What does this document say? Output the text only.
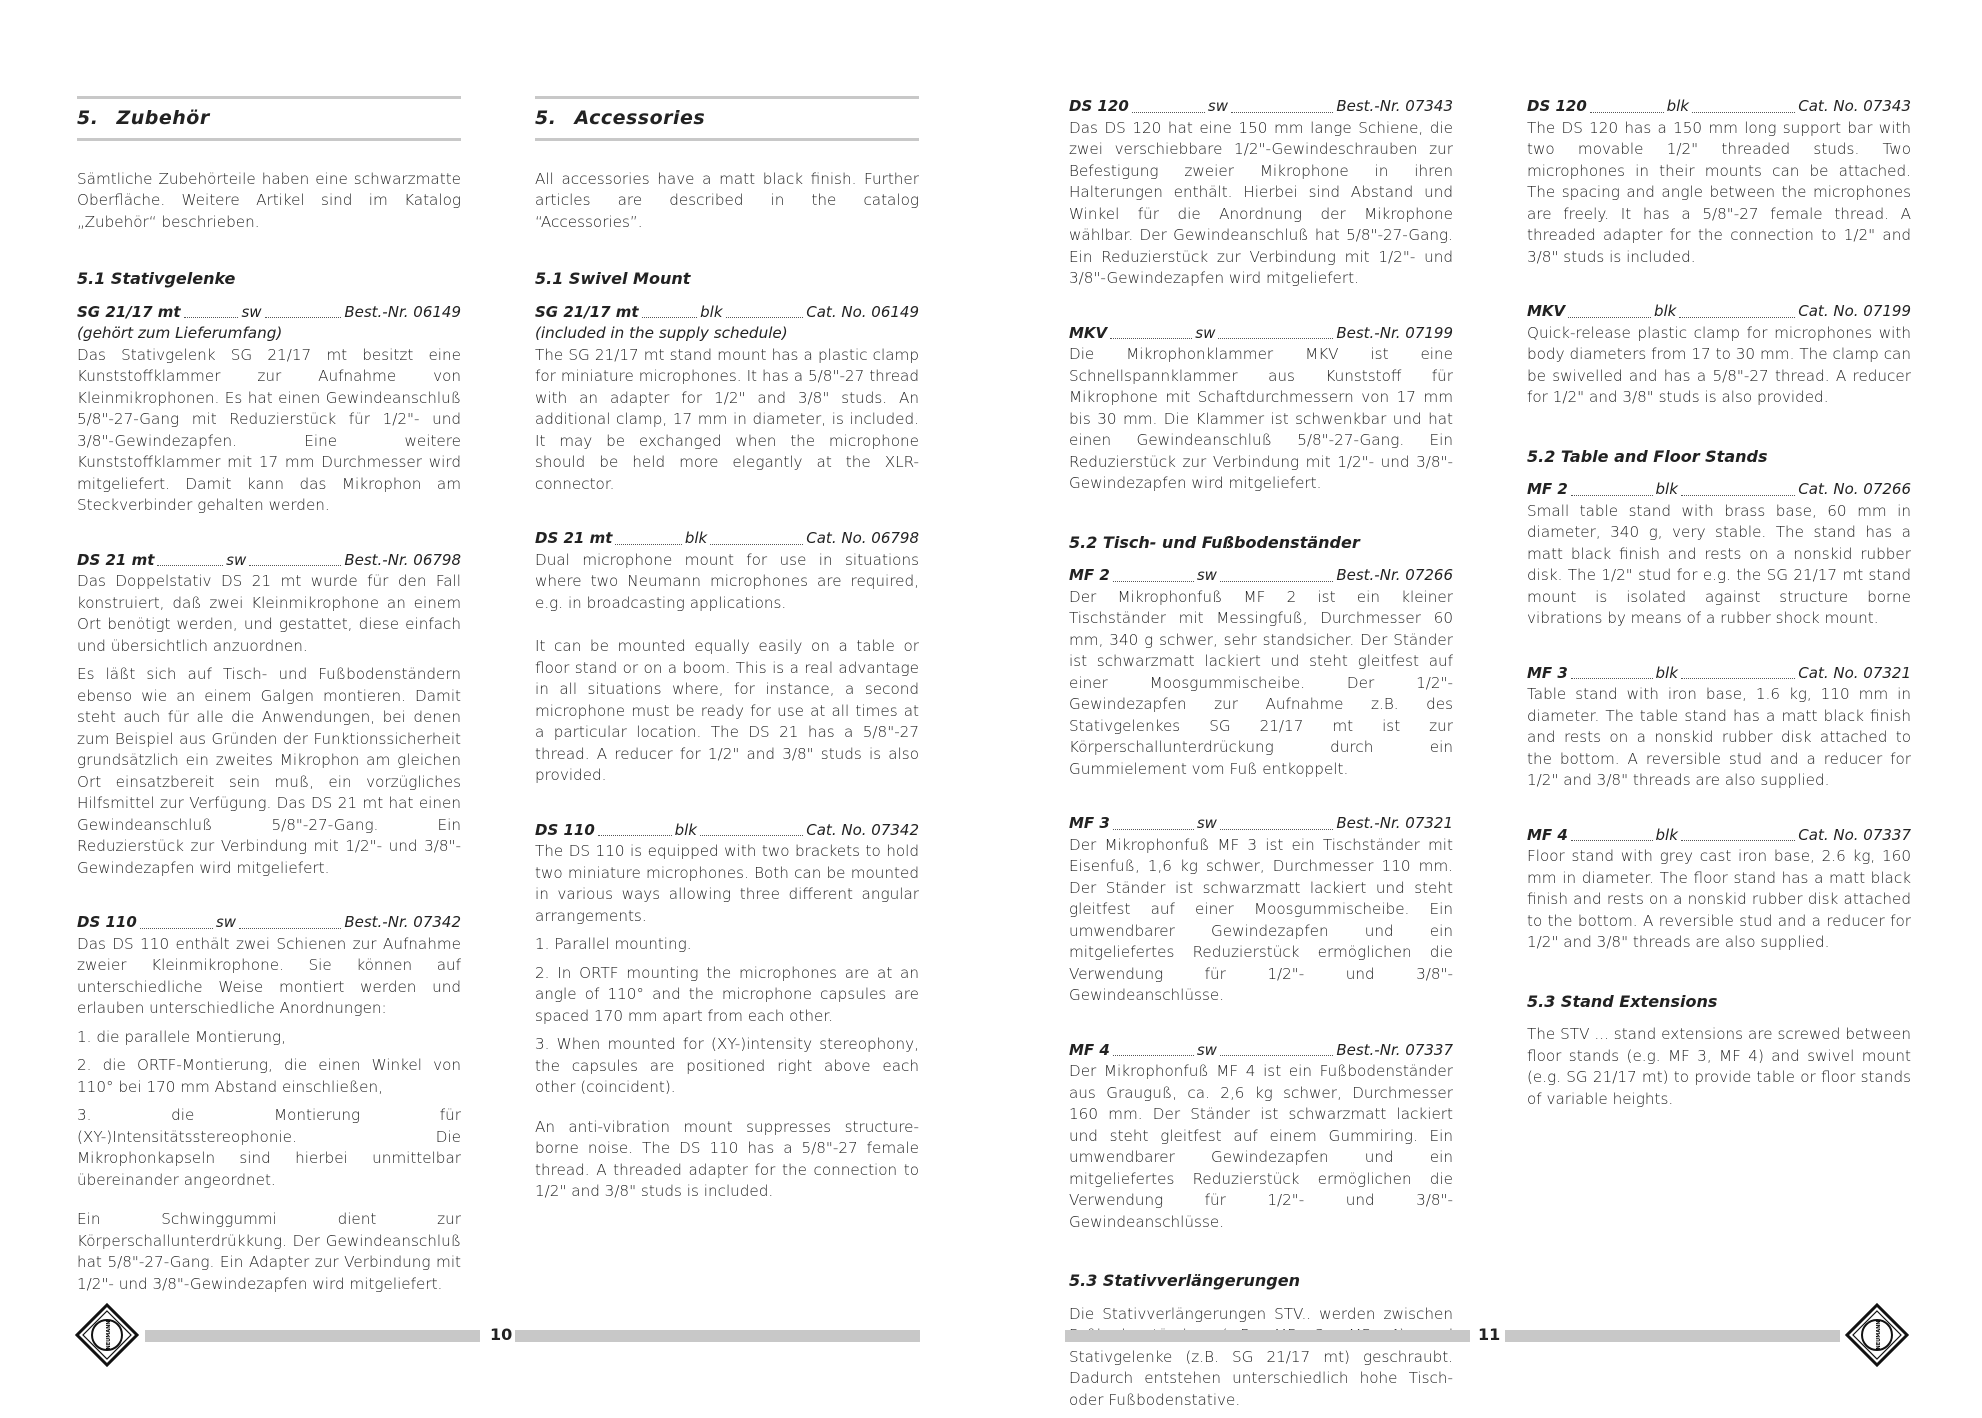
5. Zubehör

Sämtliche Zubehörteile haben eine schwarzmatte Oberfläche. Weitere Artikel sind im Katalog „Zubehör“ beschrieben.

5.1 Stativgelenke
SG 21/17 mt	sw	Best.-Nr. 06149
(gehört zum Lieferumfang)

Das Stativgelenk SG 21/17 mt besitzt eine Kunststoffklammer zur Aufnahme von Kleinmikrophonen. Es hat einen Gewindeanschluß 5/8"-27-Gang mit Reduzierstück für 1/2"- und 3/8"-Gewindezapfen. Eine weitere Kunststoffklammer mit 17 mm Durchmesser wird mitgeliefert. Damit kann das Mikrophon am Steckverbinder gehalten werden.

DS 21 mt	sw	Best.-Nr. 06798

Das Doppelstativ DS 21 mt wurde für den Fall konstruiert, daß zwei Kleinmikrophone an einem Ort benötigt werden, und gestattet, diese einfach und übersichtlich anzuordnen.

Es läßt sich auf Tisch- und Fußbodenständern ebenso wie an einem Galgen montieren. Damit steht auch für alle die Anwendungen, bei denen zum Beispiel aus Gründen der Funktionssicherheit grundsätzlich ein zweites Mikrophon am gleichen Ort einsatzbereit sein muß, ein vorzügliches Hilfsmittel zur Verfügung. Das DS 21 mt hat einen Gewindeanschluß 5/8"-27-Gang. Ein Reduzierstück zur Verbindung mit 1/2"- und 3/8"-Gewindezapfen wird mitgeliefert.

DS 110	sw	Best.-Nr. 07342

Das DS 110 enthält zwei Schienen zur Aufnahme zweier Kleinmikrophone. Sie können auf unterschiedliche Weise montiert werden und erlauben unterschiedliche Anordnungen:

1. die parallele Montierung,

2. die ORTF-Montierung, die einen Winkel von 110° bei 170 mm Abstand einschließen,

3. die Montierung für (XY-)Intensitätsstereophonie. Die Mikrophonkapseln sind hierbei unmittelbar übereinander angeordnet.

Ein Schwinggummi dient zur Körperschallunterdrükkung. Der Gewindeanschluß hat 5/8"-27-Gang. Ein Adapter zur Verbindung mit 1/2"- und 3/8"-Gewindezapfen wird mitgeliefert.

5. Accessories

All accessories have a matt black finish. Further articles are described in the catalog “Accessories”.

5.1 Swivel Mount
SG 21/17 mt	blk	Cat. No. 06149
(included in the supply schedule)

The SG 21/17 mt stand mount has a plastic clamp for miniature microphones. It has a 5/8"-27 thread with an adapter for 1/2" and 3/8" studs. An additional clamp, 17 mm in diameter, is included. It may be exchanged when the microphone should be held more elegantly at the XLR-connector.

DS 21 mt	blk	Cat. No. 06798

Dual microphone mount for use in situations where two Neumann microphones are required, e.g. in broadcasting applications.

It can be mounted equally easily on a table or floor stand or on a boom. This is a real advantage in all situations where, for instance, a second microphone must be ready for use at all times at a particular location. The DS 21 has a 5/8"-27 thread. A reducer for 1/2" and 3/8" studs is also provided.

DS 110	blk	Cat. No. 07342

The DS 110 is equipped with two brackets to hold two miniature microphones. Both can be mounted in various ways allowing three different angular arrangements.

1. Parallel mounting.

2. In ORTF mounting the microphones are at an angle of 110° and the microphone capsules are spaced 170 mm apart from each other.

3. When mounted for (XY-)intensity stereophony, the capsules are positioned right above each other (coincident).

An anti-vibration mount suppresses structure-borne noise. The DS 110 has a 5/8"-27 female thread. A threaded adapter for the connection to 1/2" and 3/8" studs is included.

DS 120	sw	Best.-Nr. 07343

Das DS 120 hat eine 150 mm lange Schiene, die zwei verschiebbare 1/2"-Gewindeschrauben zur Befestigung zweier Mikrophone in ihren Halterungen enthält. Hierbei sind Abstand und Winkel für die Anordnung der Mikrophone wählbar. Der Gewindeanschluß hat 5/8"-27-Gang. Ein Reduzierstück zur Verbindung mit 1/2"- und 3/8"-Gewindezapfen wird mitgeliefert.

MKV	sw	Best.-Nr. 07199

Die Mikrophonklammer MKV ist eine Schnellspannklammer aus Kunststoff für Mikrophone mit Schaftdurchmessern von 17 mm bis 30 mm. Die Klammer ist schwenkbar und hat einen Gewindeanschluß 5/8"-27-Gang. Ein Reduzierstück zur Verbindung mit 1/2"- und 3/8"-Gewindezapfen wird mitgeliefert.

5.2 Tisch- und Fußbodenständer
MF 2	sw	Best.-Nr. 07266

Der Mikrophonfuß MF 2 ist ein kleiner Tischständer mit Messingfuß, Durchmesser 60 mm, 340 g schwer, sehr standsicher. Der Ständer ist schwarzmatt lackiert und steht gleitfest auf einer Moosgummischeibe. Der 1/2"-Gewindezapfen zur Aufnahme z.B. des Stativgelenkes SG 21/17 mt ist zur Körperschallunterdrückung durch ein Gummielement vom Fuß entkoppelt.

MF 3	sw	Best.-Nr. 07321

Der Mikrophonfuß MF 3 ist ein Tischständer mit Eisenfuß, 1,6 kg schwer, Durchmesser 110 mm. Der Ständer ist schwarzmatt lackiert und steht gleitfest auf einer Moosgummischeibe. Ein umwendbarer Gewindezapfen und ein mitgeliefertes Reduzierstück ermöglichen die Verwendung für 1/2"- und 3/8"-Gewindeanschlüsse.

MF 4	sw	Best.-Nr. 07337

Der Mikrophonfuß MF 4 ist ein Fußbodenständer aus Grauguß, ca. 2,6 kg schwer, Durchmesser 160 mm. Der Ständer ist schwarzmatt lackiert und steht gleitfest auf einem Gummiring. Ein umwendbarer Gewindezapfen und ein mitgeliefertes Reduzierstück ermöglichen die Verwendung für 1/2"- und 3/8"- Gewindeanschlüsse.

5.3 Stativverlängerungen

Die Stativverlängerungen STV.. werden zwischen Stativgelenke (z.B. SG 21/17 mt) geschraubt. Dadurch entstehen unterschiedlich hohe Tisch- oder Fußbodenstative.

DS 120	blk	Cat. No. 07343

The DS 120 has a 150 mm long support bar with two movable 1/2" threaded studs. Two microphones in their mounts can be attached. The spacing and angle between the microphones are freely. It has a 5/8"-27 female thread. A threaded adapter for the connection to 1/2" and 3/8" studs is included.

MKV	blk	Cat. No. 07199

Quick-release plastic clamp for microphones with body diameters from 17 to 30 mm. The clamp can be swivelled and has a 5/8"-27 thread. A reducer for 1/2" and 3/8" studs is also provided.

5.2 Table and Floor Stands
MF 2	blk	Cat. No. 07266

Small table stand with brass base, 60 mm in diameter, 340 g, very stable. The stand has a matt black finish and rests on a nonskid rubber disk. The 1/2" stud for e.g. the SG 21/17 mt stand mount is isolated against structure borne vibrations by means of a rubber shock mount.

MF 3	blk	Cat. No. 07321

Table stand with iron base, 1.6 kg, 110 mm in diameter. The table stand has a matt black finish and rests on a nonskid rubber disk attached to the bottom. A reversible stud and a reducer for 1/2" and 3/8" threads are also supplied.

MF 4	blk	Cat. No. 07337

Floor stand with grey cast iron base, 2.6 kg, 160 mm in diameter. The floor stand has a matt black finish and rests on a nonskid rubber disk attached to the bottom. A reversible stud and a reducer for 1/2" and 3/8" threads are also supplied.

5.3 Stand Extensions

The STV ... stand extensions are screwed between floor stands (e.g. MF 3, MF 4) and swivel mount (e.g. SG 21/17 mt) to provide table or floor stands of variable heights.

NEUMANN	10	11	NEUMANN
